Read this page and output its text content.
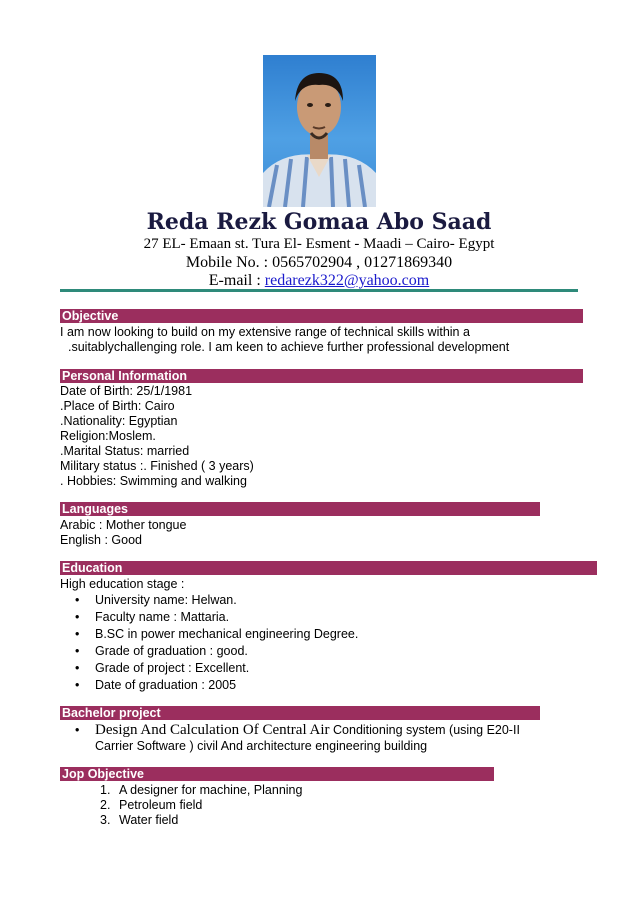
Reda Rezk Gomaa Abo Saad
27 EL- Emaan st. Tura El- Esment - Maadi – Cairo- Egypt
Mobile No. : 0565702904 , 01271869340
E-mail : redarezk322@yahoo.com
Objective
I am now looking to build on my extensive range of technical skills within a
.suitablychallenging role. I am keen to achieve further professional development
Personal Information
Date of Birth: 25/1/1981
.Place of Birth: Cairo
.Nationality: Egyptian
Religion:Moslem.
.Marital Status: married
Military status :. Finished ( 3 years)
. Hobbies: Swimming and walking
Languages
Arabic : Mother tongue
English : Good
Education
High education stage :
• University name: Helwan.
• Faculty name : Mattaria.
• B.SC in power mechanical engineering Degree.
• Grade of graduation : good.
• Grade of project : Excellent.
• Date of graduation : 2005
Bachelor project
• Design And Calculation Of Central Air Conditioning system (using E20-II
Carrier Software ) civil And architecture engineering building
Jop Objective
1. A designer for machine, Planning
2. Petroleum field
3. Water field
